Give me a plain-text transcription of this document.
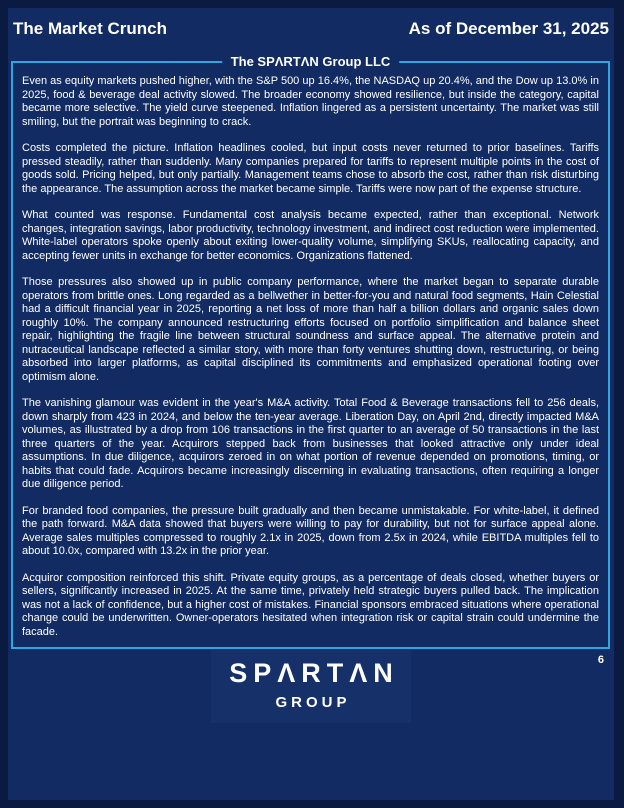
The Market Crunch	As of December 31, 2025
The SPΛRTΛN Group LLC

Even as equity markets pushed higher, with the S&P 500 up 16.4%, the NASDAQ up 20.4%, and the Dow up 13.0% in 2025, food & beverage deal activity slowed. The broader economy showed resilience, but inside the category, capital became more selective. The yield curve steepened. Inflation lingered as a persistent uncertainty. The market was still smiling, but the portrait was beginning to crack.

Costs completed the picture. Inflation headlines cooled, but input costs never returned to prior baselines. Tariffs pressed steadily, rather than suddenly. Many companies prepared for tariffs to represent multiple points in the cost of goods sold. Pricing helped, but only partially. Management teams chose to absorb the cost, rather than risk disturbing the appearance. The assumption across the market became simple. Tariffs were now part of the expense structure.

What counted was response. Fundamental cost analysis became expected, rather than exceptional. Network changes, integration savings, labor productivity, technology investment, and indirect cost reduction were implemented. White-label operators spoke openly about exiting lower-quality volume, simplifying SKUs, reallocating capacity, and accepting fewer units in exchange for better economics. Organizations flattened.

Those pressures also showed up in public company performance, where the market began to separate durable operators from brittle ones. Long regarded as a bellwether in better-for-you and natural food segments, Hain Celestial had a difficult financial year in 2025, reporting a net loss of more than half a billion dollars and organic sales down roughly 10%. The company announced restructuring efforts focused on portfolio simplification and balance sheet repair, highlighting the fragile line between structural soundness and surface appeal. The alternative protein and nutraceutical landscape reflected a similar story, with more than forty ventures shutting down, restructuring, or being absorbed into larger platforms, as capital disciplined its commitments and emphasized operational footing over optimism alone.

The vanishing glamour was evident in the year's M&A activity. Total Food & Beverage transactions fell to 256 deals, down sharply from 423 in 2024, and below the ten-year average. Liberation Day, on April 2nd, directly impacted M&A volumes, as illustrated by a drop from 106 transactions in the first quarter to an average of 50 transactions in the last three quarters of the year. Acquirors stepped back from businesses that looked attractive only under ideal assumptions. In due diligence, acquirors zeroed in on what portion of revenue depended on promotions, timing, or habits that could fade. Acquirors became increasingly discerning in evaluating transactions, often requiring a longer due diligence period.

For branded food companies, the pressure built gradually and then became unmistakable. For white-label, it defined the path forward. M&A data showed that buyers were willing to pay for durability, but not for surface appeal alone. Average sales multiples compressed to roughly 2.1x in 2025, down from 2.5x in 2024, while EBITDA multiples fell to about 10.0x, compared with 13.2x in the prior year.

Acquiror composition reinforced this shift. Private equity groups, as a percentage of deals closed, whether buyers or sellers, significantly increased in 2025. At the same time, privately held strategic buyers pulled back. The implication was not a lack of confidence, but a higher cost of mistakes. Financial sponsors embraced situations where operational change could be underwritten. Owner-operators hesitated when integration risk or capital strain could undermine the facade.

6
SPΛRTΛN
GROUP
